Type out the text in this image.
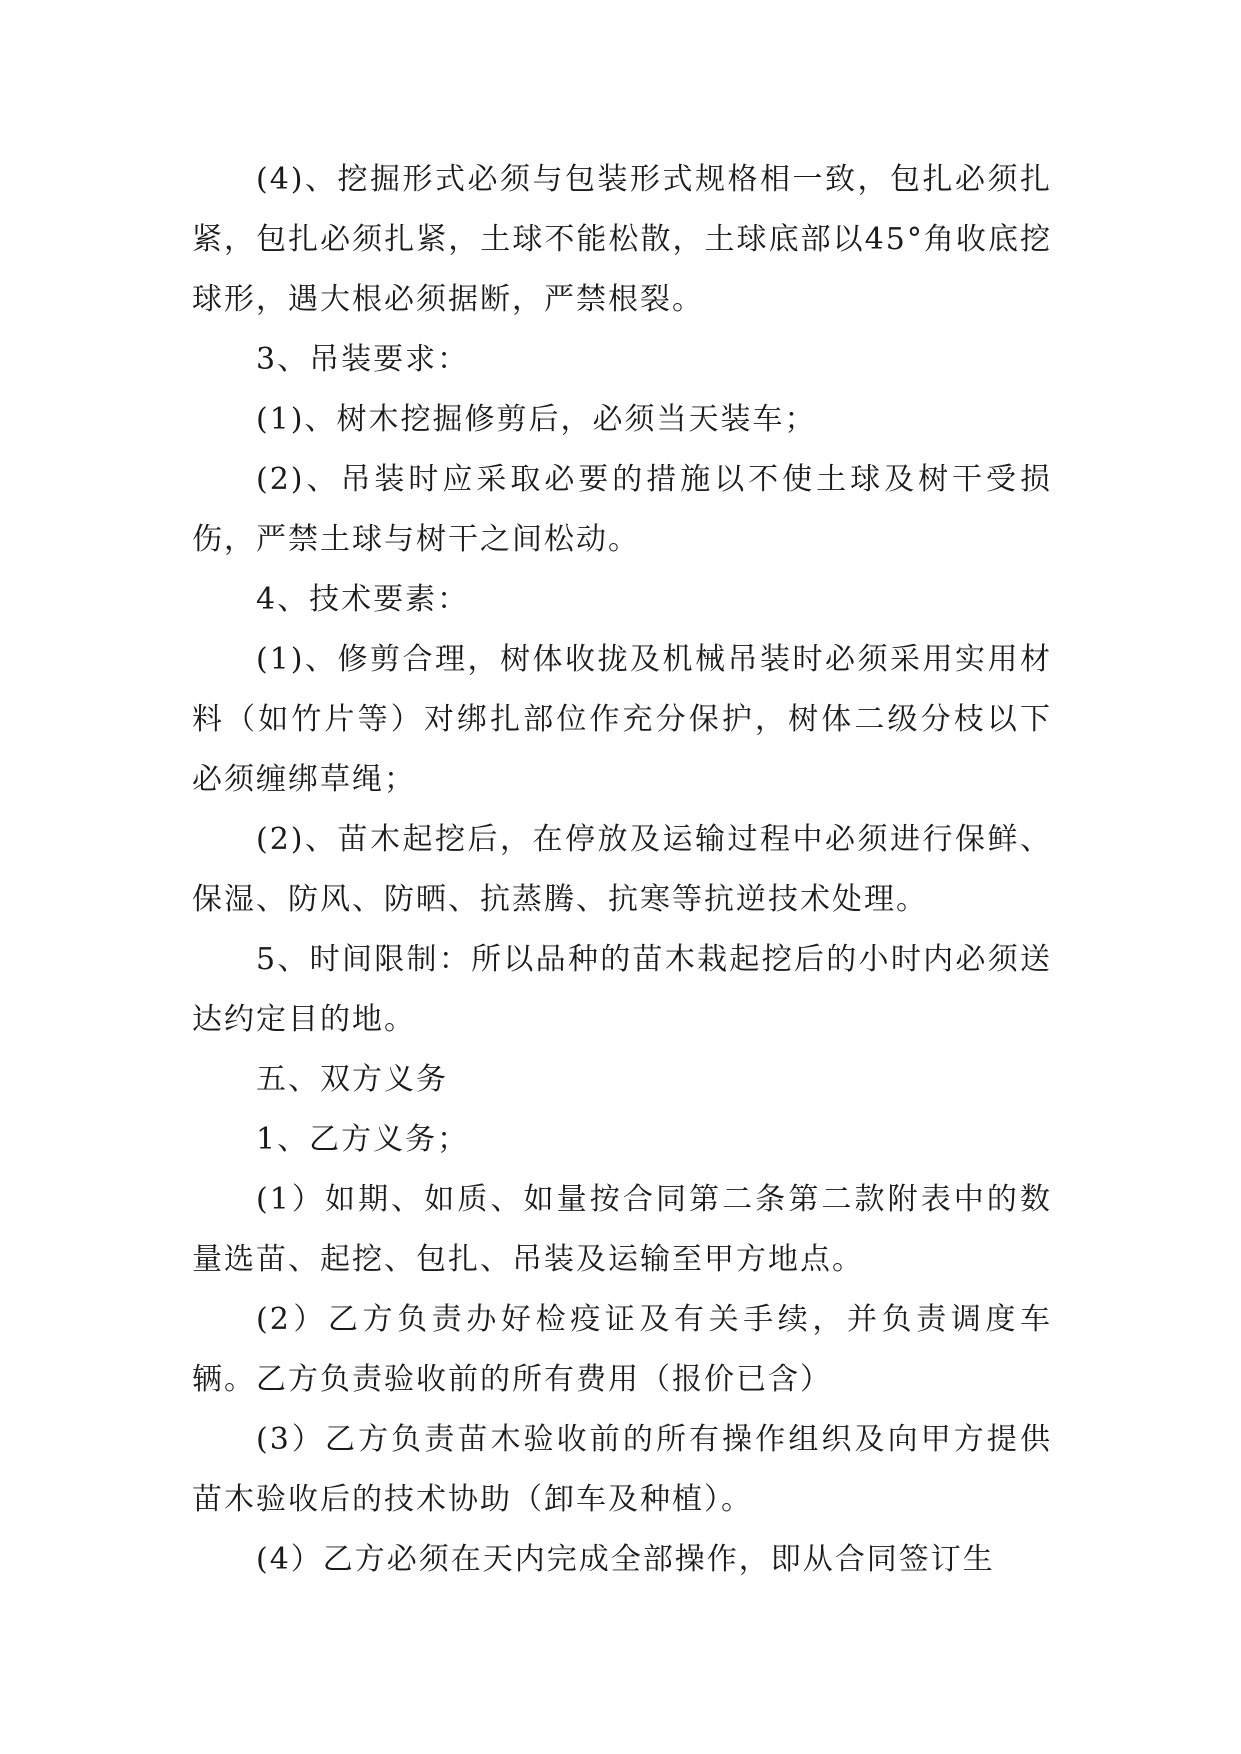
(4)、挖掘形式必须与包装形式规格相一致，包扎必须扎紧，包扎必须扎紧，土球不能松散，土球底部以45°角收底挖球形，遇大根必须据断，严禁根裂。

3、吊装要求：

(1)、树木挖掘修剪后，必须当天装车；

(2)、吊装时应采取必要的措施以不使土球及树干受损伤，严禁土球与树干之间松动。

4、技术要素：

(1)、修剪合理，树体收拢及机械吊装时必须采用实用材料（如竹片等）对绑扎部位作充分保护，树体二级分枝以下必须缠绑草绳；

(2)、苗木起挖后，在停放及运输过程中必须进行保鲜、保湿、防风、防晒、抗蒸腾、抗寒等抗逆技术处理。

5、时间限制：所以品种的苗木栽起挖后的小时内必须送达约定目的地。

五、双方义务

1、乙方义务；

(1）如期、如质、如量按合同第二条第二款附表中的数量选苗、起挖、包扎、吊装及运输至甲方地点。

(2）乙方负责办好检疫证及有关手续，并负责调度车辆。乙方负责验收前的所有费用（报价已含）

(3）乙方负责苗木验收前的所有操作组织及向甲方提供苗木验收后的技术协助（卸车及种植）。

(4）乙方必须在天内完成全部操作，即从合同签订生
